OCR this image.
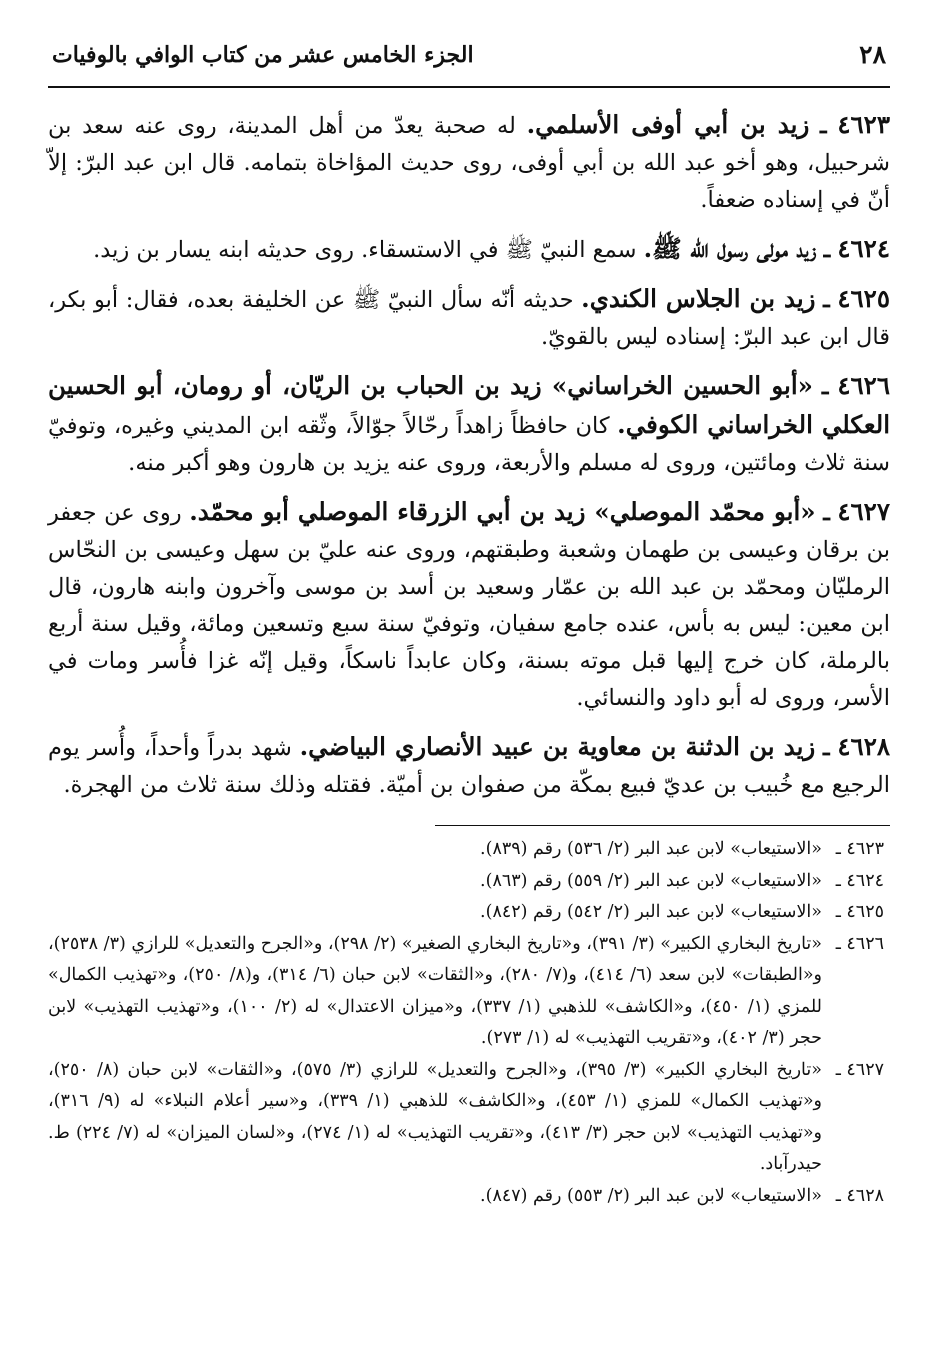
٢٨
الجزء الخامس عشر من كتاب الوافي بالوفيات

٤٦٢٣ ـ زيد بن أبي أوفى الأسلمي. له صحبة يعدّ من أهل المدينة، روى عنه سعد بن شرحبيل، وهو أخو عبد الله بن أبي أوفى، روى حديث المؤاخاة بتمامه. قال ابن عبد البرّ: إلاّ أنّ في إسناده ضعفاً.

٤٦٢٤ ـ زيد مولى رسول الله ﷺ. سمع النبيّ ﷺ في الاستسقاء. روى حديثه ابنه يسار بن زيد.

٤٦٢٥ ـ زيد بن الجلاس الكندي. حديثه أنّه سأل النبيّ ﷺ عن الخليفة بعده، فقال: أبو بكر، قال ابن عبد البرّ: إسناده ليس بالقويّ.

٤٦٢٦ ـ «أبو الحسين الخراساني» زيد بن الحباب بن الريّان، أو رومان، أبو الحسين العكلي الخراساني الكوفي. كان حافظاً زاهداً رحّالاً جوّالاً، وثّقه ابن المديني وغيره، وتوفيّ سنة ثلاث ومائتين، وروى له مسلم والأربعة، وروى عنه يزيد بن هارون وهو أكبر منه.

٤٦٢٧ ـ «أبو محمّد الموصلي» زيد بن أبي الزرقاء الموصلي أبو محمّد. روى عن جعفر بن برقان وعيسى بن طهمان وشعبة وطبقتهم، وروى عنه عليّ بن سهل وعيسى بن النحّاس الرمليّان ومحمّد بن عبد الله بن عمّار وسعيد بن أسد بن موسى وآخرون وابنه هارون، قال ابن معين: ليس به بأس، عنده جامع سفيان، وتوفيّ سنة سبع وتسعين ومائة، وقيل سنة أربع بالرملة، كان خرج إليها قبل موته بسنة، وكان عابداً ناسكاً، وقيل إنّه غزا فأُسر ومات في الأسر، وروى له أبو داود والنسائي.

٤٦٢٨ ـ زيد بن الدثنة بن معاوية بن عبيد الأنصاري البياضي. شهد بدراً وأحداً، وأُسر يوم الرجيع مع خُبيب بن عديّ فبيع بمكّة من صفوان بن أميّة. فقتله وذلك سنة ثلاث من الهجرة.

٤٦٢٣ ـ
«الاستيعاب» لابن عبد البر (٢/ ٥٣٦) رقم (٨٣٩).
٤٦٢٤ ـ
«الاستيعاب» لابن عبد البر (٢/ ٥٥٩) رقم (٨٦٣).
٤٦٢٥ ـ
«الاستيعاب» لابن عبد البر (٢/ ٥٤٢) رقم (٨٤٢).
٤٦٢٦ ـ
«تاريخ البخاري الكبير» (٣/ ٣٩١)، و«تاريخ البخاري الصغير» (٢/ ٢٩٨)، و«الجرح والتعديل» للرازي (٣/ ٢٥٣٨)، و«الطبقات» لابن سعد (٦/ ٤١٤)، و(٧/ ٢٨٠)، و«الثقات» لابن حبان (٦/ ٣١٤)، و(٨/ ٢٥٠)، و«تهذيب الكمال» للمزي (١/ ٤٥٠)، و«الكاشف» للذهبي (١/ ٣٣٧)، و«ميزان الاعتدال» له (٢/ ١٠٠)، و«تهذيب التهذيب» لابن حجر (٣/ ٤٠٢)، و«تقريب التهذيب» له (١/ ٢٧٣).
٤٦٢٧ ـ
«تاريخ البخاري الكبير» (٣/ ٣٩٥)، و«الجرح والتعديل» للرازي (٣/ ٥٧٥)، و«الثقات» لابن حبان (٨/ ٢٥٠)، و«تهذيب الكمال» للمزي (١/ ٤٥٣)، و«الكاشف» للذهبي (١/ ٣٣٩)، و«سير أعلام النبلاء» له (٩/ ٣١٦)، و«تهذيب التهذيب» لابن حجر (٣/ ٤١٣)، و«تقريب التهذيب» له (١/ ٢٧٤)، و«لسان الميزان» له (٧/ ٢٢٤) ط. حيدرآباد.
٤٦٢٨ ـ
«الاستيعاب» لابن عبد البر (٢/ ٥٥٣) رقم (٨٤٧).
